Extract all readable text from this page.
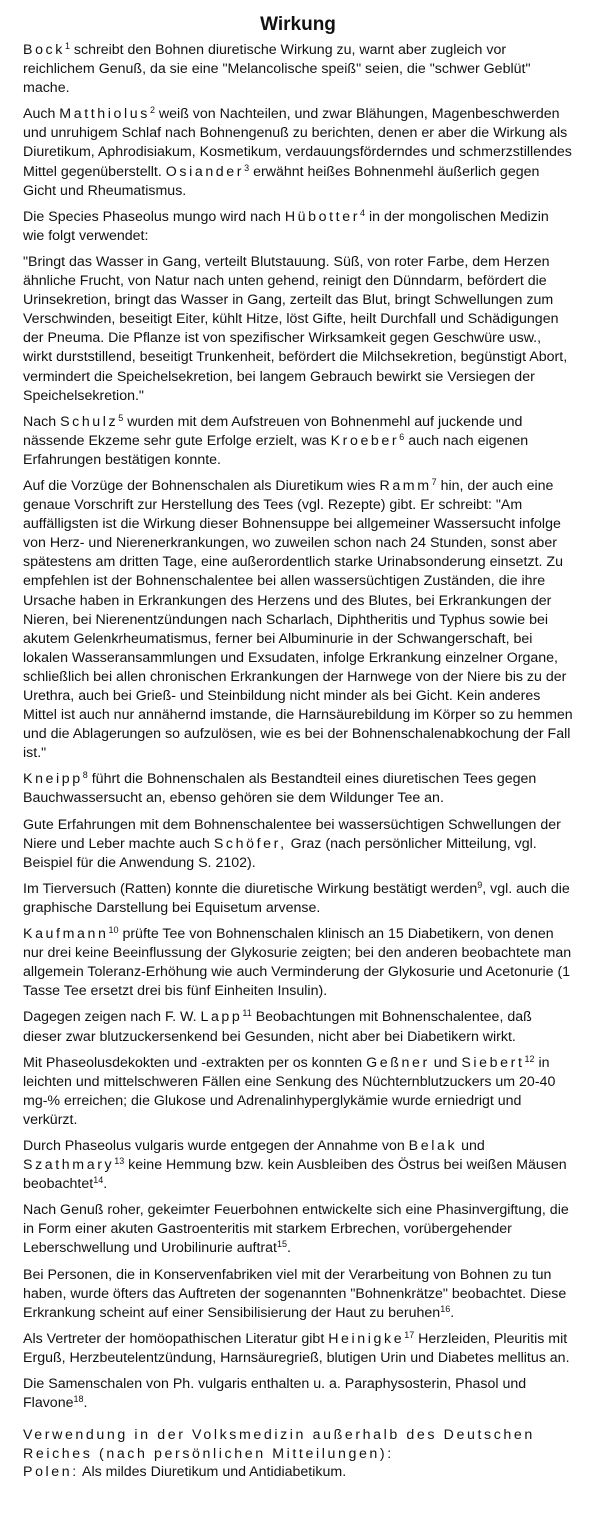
Wirkung

Bock$^1$ schreibt den Bohnen diuretische Wirkung zu, warnt aber zugleich vor reichlichem Genuß, da sie eine "Melancolische speiß" seien, die "schwer Geblüt" mache.

Auch Matthiolus$^2$ weiß von Nachteilen, und zwar Blähungen, Magenbeschwerden und unruhigem Schlaf nach Bohnengenuß zu berichten, denen er aber die Wirkung als Diuretikum, Aphrodisiakum, Kosmetikum, verdauungsförderndes und schmerzstillendes Mittel gegenüberstellt. Osiander$^3$ erwähnt heißes Bohnenmehl äußerlich gegen Gicht und Rheumatismus.

Die Species Phaseolus mungo wird nach Hübotter$^4$ in der mongolischen Medizin wie folgt verwendet:

"Bringt das Wasser in Gang, verteilt Blutstauung. Süß, von roter Farbe, dem Herzen ähnliche Frucht, von Natur nach unten gehend, reinigt den Dünndarm, befördert die Urinsekretion, bringt das Wasser in Gang, zerteilt das Blut, bringt Schwellungen zum Verschwinden, beseitigt Eiter, kühlt Hitze, löst Gifte, heilt Durchfall und Schädigungen der Pneuma. Die Pflanze ist von spezifischer Wirksamkeit gegen Geschwüre usw., wirkt durststillend, beseitigt Trunkenheit, befördert die Milchsekretion, begünstigt Abort, vermindert die Speichelsekretion, bei langem Gebrauch bewirkt sie Versiegen der Speichelsekretion."

Nach Schulz$^5$ wurden mit dem Aufstreuen von Bohnenmehl auf juckende und nässende Ekzeme sehr gute Erfolge erzielt, was Kroeber$^6$ auch nach eigenen Erfahrungen bestätigen konnte.

Auf die Vorzüge der Bohnenschalen als Diuretikum wies Ramm$^7$ hin, der auch eine genaue Vorschrift zur Herstellung des Tees (vgl. Rezepte) gibt. Er schreibt: "Am auffälligsten ist die Wirkung dieser Bohnensuppe bei allgemeiner Wassersucht infolge von Herz- und Nierenerkrankungen, wo zuweilen schon nach 24 Stunden, sonst aber spätestens am dritten Tage, eine außerordentlich starke Urinabsonderung einsetzt. Zu empfehlen ist der Bohnenschalentee bei allen wassersüchtigen Zuständen, die ihre Ursache haben in Erkrankungen des Herzens und des Blutes, bei Erkrankungen der Nieren, bei Nierenentzündungen nach Scharlach, Diphtheritis und Typhus sowie bei akutem Gelenkrheumatismus, ferner bei Albuminurie in der Schwangerschaft, bei lokalen Wasseransammlungen und Exsudaten, infolge Erkrankung einzelner Organe, schließlich bei allen chronischen Erkrankungen der Harnwege von der Niere bis zu der Urethra, auch bei Grieß- und Steinbildung nicht minder als bei Gicht. Kein anderes Mittel ist auch nur annähernd imstande, die Harnsäurebildung im Körper so zu hemmen und die Ablagerungen so aufzulösen, wie es bei der Bohnenschalenabkochung der Fall ist."

Kneipp$^8$ führt die Bohnenschalen als Bestandteil eines diuretischen Tees gegen Bauchwassersucht an, ebenso gehören sie dem Wildunger Tee an.

Gute Erfahrungen mit dem Bohnenschalentee bei wassersüchtigen Schwellungen der Niere und Leber machte auch Schöfer, Graz (nach persönlicher Mitteilung, vgl. Beispiel für die Anwendung S. 2102).

Im Tierversuch (Ratten) konnte die diuretische Wirkung bestätigt werden$^9$, vgl. auch die graphische Darstellung bei Equisetum arvense.

Kaufmann$^{10}$ prüfte Tee von Bohnenschalen klinisch an 15 Diabetikern, von denen nur drei keine Beeinflussung der Glykosurie zeigten; bei den anderen beobachtete man allgemein Toleranz-Erhöhung wie auch Verminderung der Glykosurie und Acetonurie (1 Tasse Tee ersetzt drei bis fünf Einheiten Insulin).

Dagegen zeigen nach F. W. Lapp$^{11}$ Beobachtungen mit Bohnenschalentee, daß dieser zwar blutzuckersenkend bei Gesunden, nicht aber bei Diabetikern wirkt.

Mit Phaseolusdekokten und -extrakten per os konnten Geßner und Siebert$^{12}$ in leichten und mittelschweren Fällen eine Senkung des Nüchternblutzuckers um 20-40 mg-% erreichen; die Glukose und Adrenalinhyperglykämie wurde erniedrigt und verkürzt.

Durch Phaseolus vulgaris wurde entgegen der Annahme von Belak und Szathmary$^{13}$ keine Hemmung bzw. kein Ausbleiben des Östrus bei weißen Mäusen beobachtet$^{14}$.

Nach Genuß roher, gekeimter Feuerbohnen entwickelte sich eine Phasinvergiftung, die in Form einer akuten Gastroenteritis mit starkem Erbrechen, vorübergehender Leberschwellung und Urobilinurie auftrat$^{15}$.

Bei Personen, die in Konservenfabriken viel mit der Verarbeitung von Bohnen zu tun haben, wurde öfters das Auftreten der sogenannten "Bohnenkrätze" beobachtet. Diese Erkrankung scheint auf einer Sensibilisierung der Haut zu beruhen$^{16}$.

Als Vertreter der homöopathischen Literatur gibt Heinigke$^{17}$ Herzleiden, Pleuritis mit Erguß, Herzbeutelentzündung, Harnsäuregrieß, blutigen Urin und Diabetes mellitus an.

Die Samenschalen von Ph. vulgaris enthalten u. a. Paraphysosterin, Phasol und Flavone$^{18}$.

Verwendung in der Volksmedizin außerhalb des Deutschen Reiches (nach persönlichen Mitteilungen):

Polen: Als mildes Diuretikum und Antidiabetikum.
